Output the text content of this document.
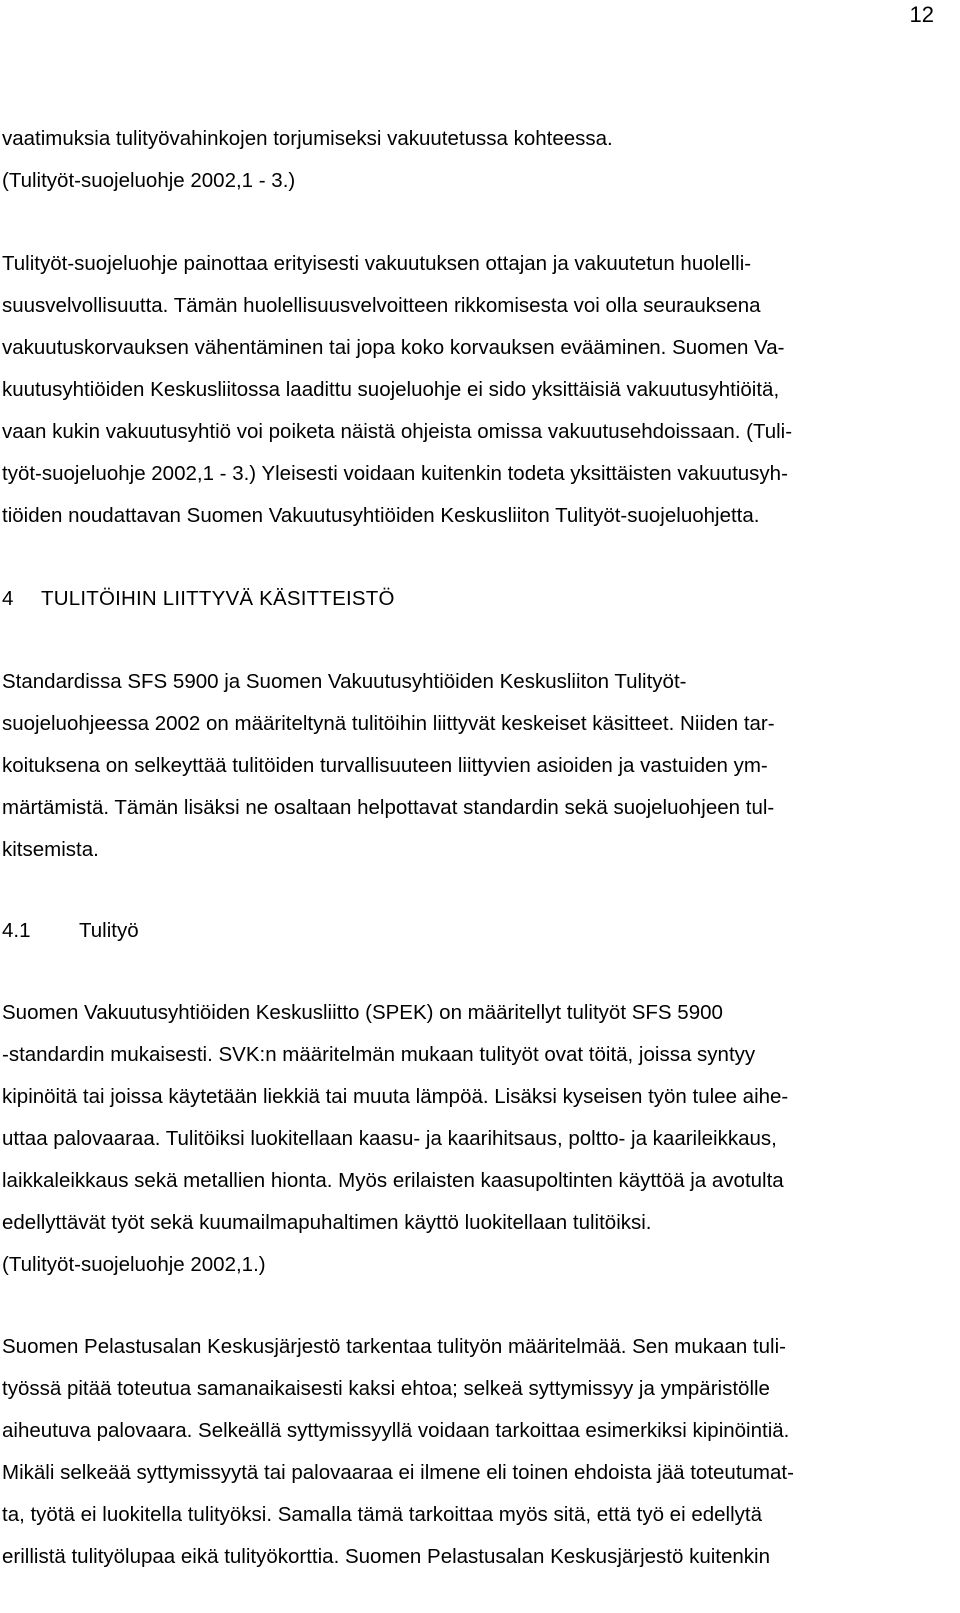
12
vaatimuksia tulityövahinkojen torjumiseksi vakuutetussa kohteessa.
(Tulityöt-suojeluohje 2002,1 - 3.)
Tulityöt-suojeluohje painottaa erityisesti vakuutuksen ottajan ja vakuutetun huolelli-
suusvelvollisuutta. Tämän huolellisuusvelvoitteen rikkomisesta voi olla seurauksena
vakuutuskorvauksen vähentäminen tai jopa koko korvauksen evääminen. Suomen Va-
kuutusyhtiöiden Keskusliitossa laadittu suojeluohje ei sido yksittäisiä vakuutusyhtiöitä,
vaan kukin vakuutusyhtiö voi poiketa näistä ohjeista omissa vakuutusehdoissaan. (Tuli-
työt-suojeluohje 2002,1 - 3.) Yleisesti voidaan kuitenkin todeta yksittäisten vakuutusyh-
tiöiden noudattavan Suomen Vakuutusyhtiöiden Keskusliiton Tulityöt-suojeluohjetta.
4 TULITÖIHIN LIITTYVÄ KÄSITTEISTÖ
Standardissa SFS 5900 ja Suomen Vakuutusyhtiöiden Keskusliiton Tulityöt-
suojeluohjeessa 2002 on määriteltynä tulitöihin liittyvät keskeiset käsitteet. Niiden tar-
koituksena on selkeyttää tulitöiden turvallisuuteen liittyvien asioiden ja vastuiden ym-
märtämistä. Tämän lisäksi ne osaltaan helpottavat standardin sekä suojeluohjeen tul-
kitsemista.
4.1 Tulityö
Suomen Vakuutusyhtiöiden Keskusliitto (SPEK) on määritellyt tulityöt SFS 5900
-standardin mukaisesti. SVK:n määritelmän mukaan tulityöt ovat töitä, joissa syntyy
kipinöitä tai joissa käytetään liekkiä tai muuta lämpöä. Lisäksi kyseisen työn tulee aihe-
uttaa palovaaraa. Tulitöiksi luokitellaan kaasu- ja kaarihitsaus, poltto- ja kaarileikkaus,
laikkaleikkaus sekä metallien hionta. Myös erilaisten kaasupoltinten käyttöä ja avotulta
edellyttävät työt sekä kuumailmapuhaltimen käyttö luokitellaan tulitöiksi.
(Tulityöt-suojeluohje 2002,1.)
Suomen Pelastusalan Keskusjärjestö tarkentaa tulityön määritelmää. Sen mukaan tuli-
työssä pitää toteutua samanaikaisesti kaksi ehtoa; selkeä syttymissyy ja ympäristölle
aiheutuva palovaara. Selkeällä syttymissyyllä voidaan tarkoittaa esimerkiksi kipinöintiä.
Mikäli selkeää syttymissyytä tai palovaaraa ei ilmene eli toinen ehdoista jää toteutumat-
ta, työtä ei luokitella tulityöksi. Samalla tämä tarkoittaa myös sitä, että työ ei edellytä
erillistä tulityölupaa eikä tulityökorttia. Suomen Pelastusalan Keskusjärjestö kuitenkin
